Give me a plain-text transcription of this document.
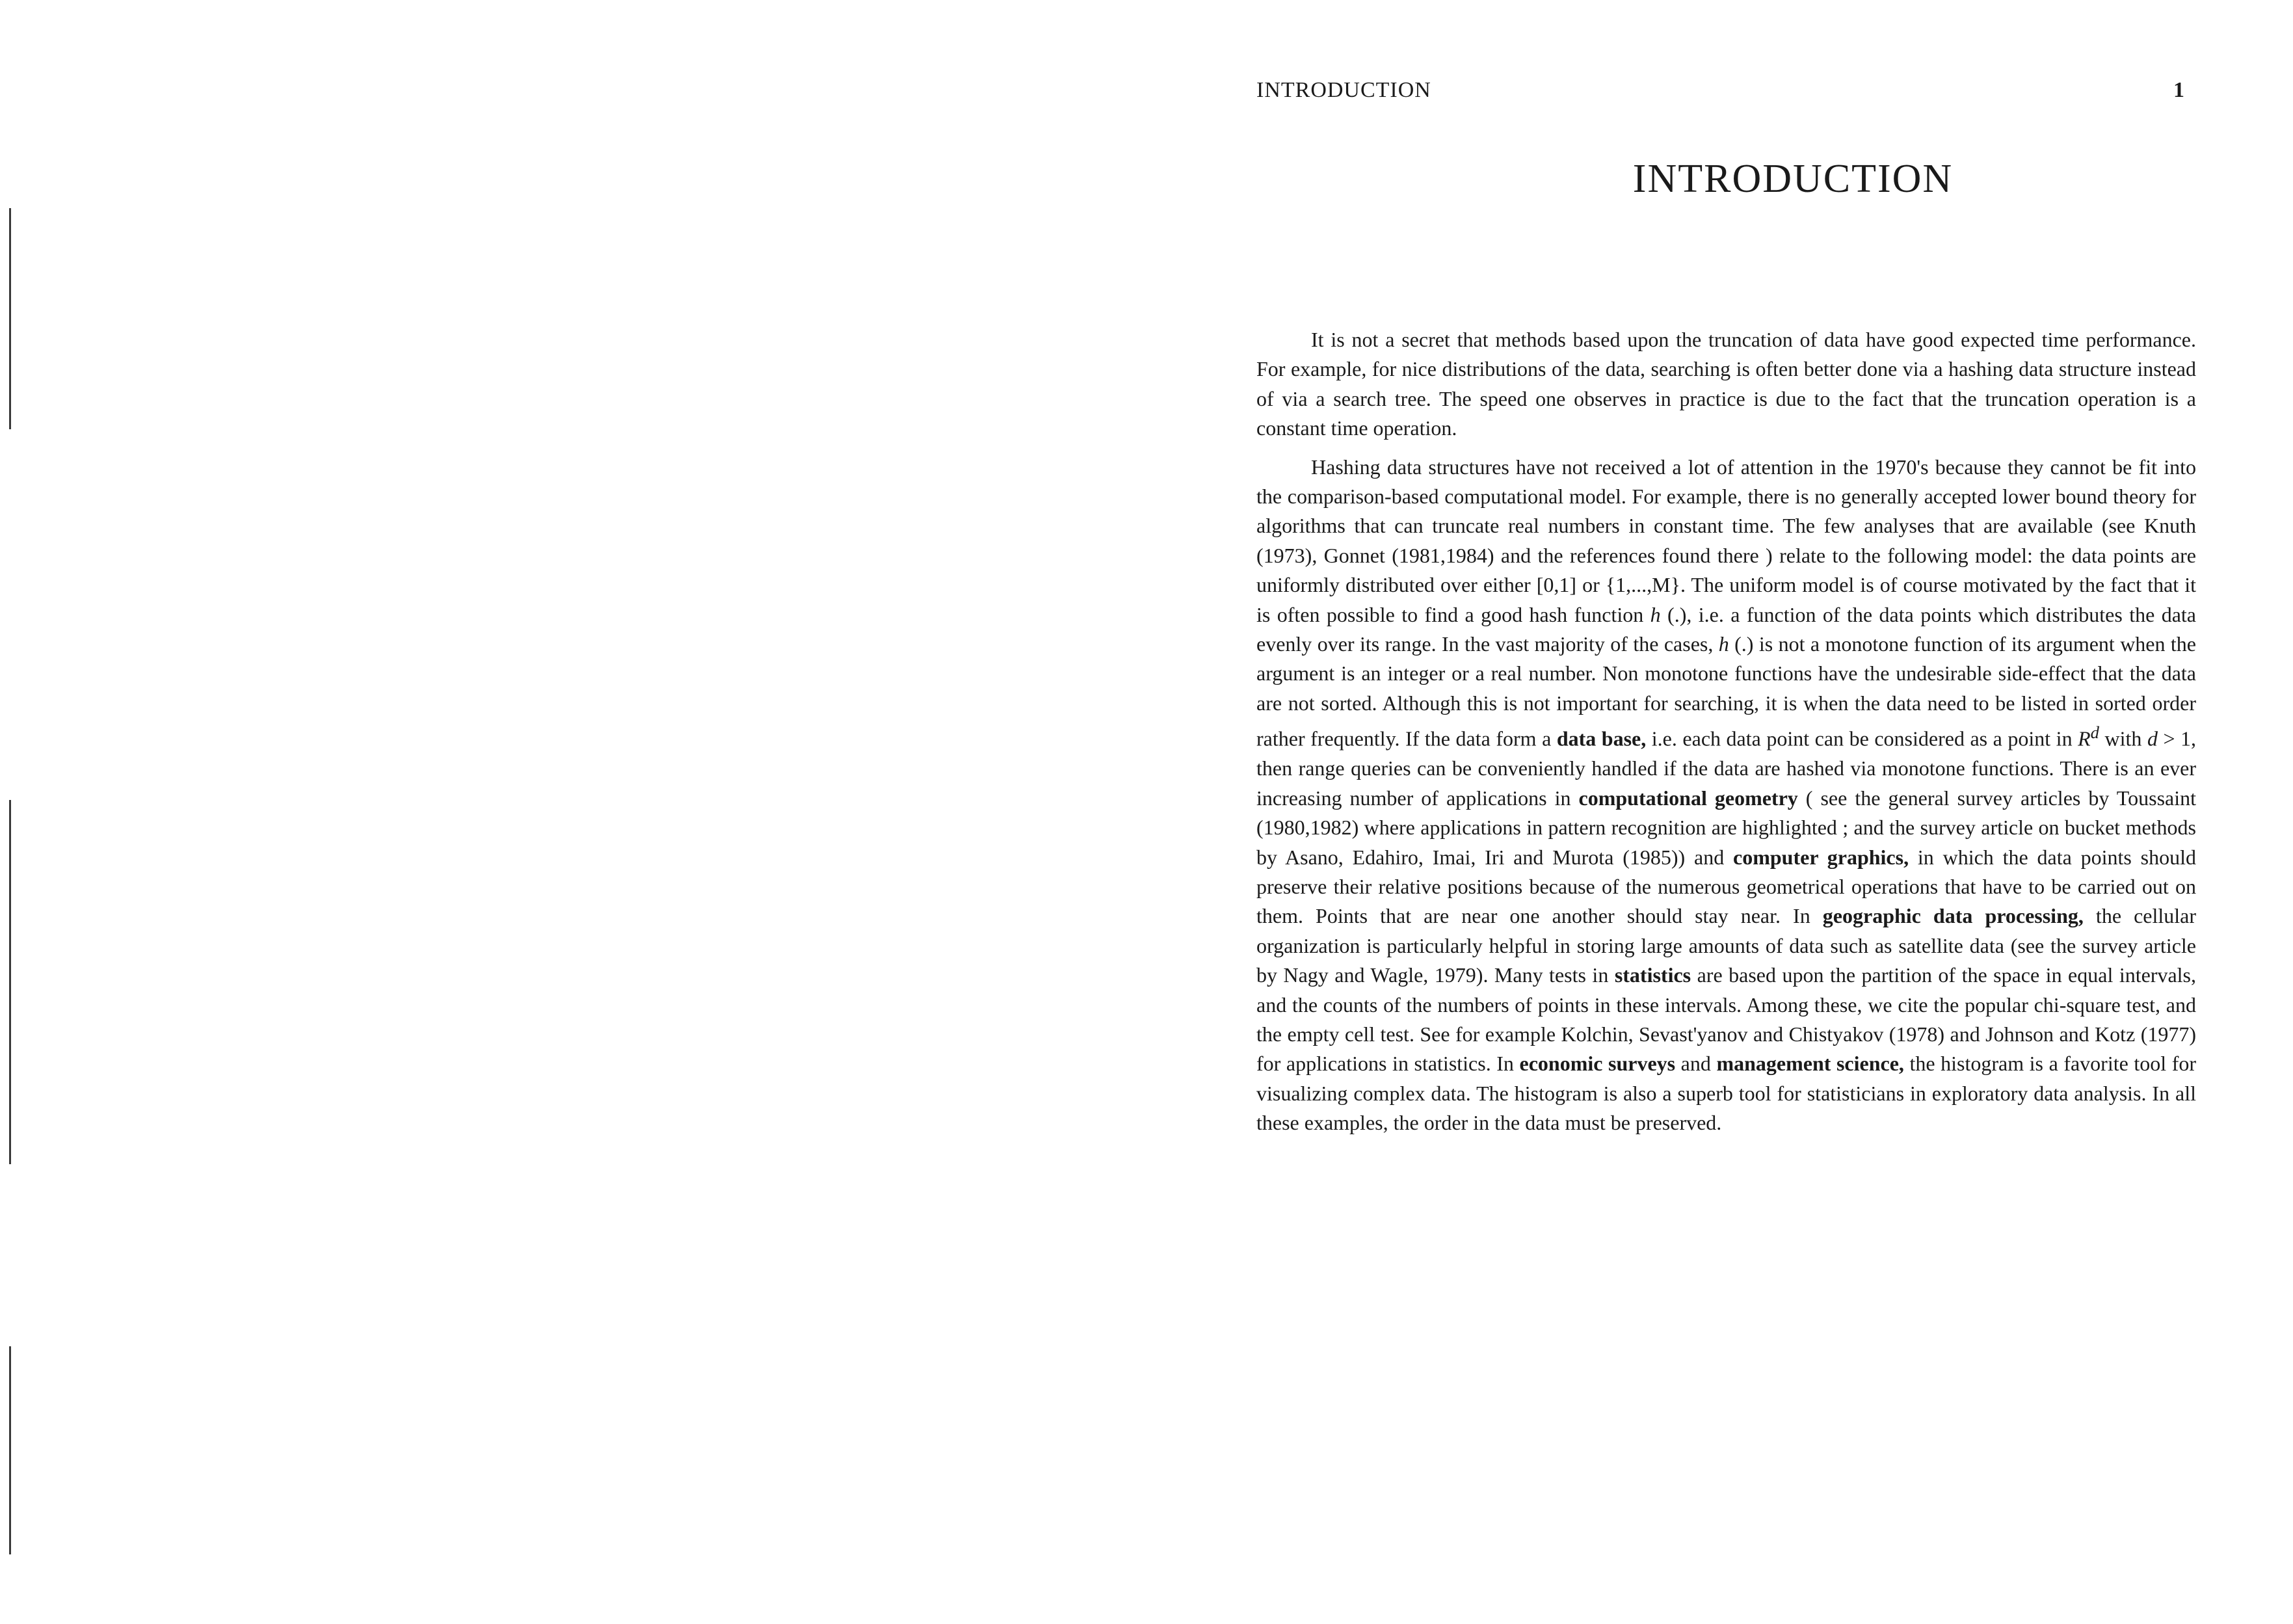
INTRODUCTION	1
INTRODUCTION

It is not a secret that methods based upon the truncation of data have good expected time performance. For example, for nice distributions of the data, searching is often better done via a hashing data structure instead of via a search tree. The speed one observes in practice is due to the fact that the truncation operation is a constant time operation.

Hashing data structures have not received a lot of attention in the 1970's because they cannot be fit into the comparison-based computational model. For example, there is no generally accepted lower bound theory for algorithms that can truncate real numbers in constant time. The few analyses that are available (see Knuth (1973), Gonnet (1981,1984) and the references found there ) relate to the following model: the data points are uniformly distributed over either [0,1] or {1,...,M}. The uniform model is of course motivated by the fact that it is often possible to find a good hash function h (.), i.e. a function of the data points which distributes the data evenly over its range. In the vast majority of the cases, h (.) is not a monotone function of its argument when the argument is an integer or a real number. Non monotone functions have the undesirable side-effect that the data are not sorted. Although this is not important for searching, it is when the data need to be listed in sorted order rather frequently. If the data form a data base, i.e. each data point can be considered as a point in $R^d$ with d > 1, then range queries can be conveniently handled if the data are hashed via monotone functions. There is an ever increasing number of applications in computational geometry ( see the general survey articles by Toussaint (1980,1982) where applications in pattern recognition are highlighted ; and the survey article on bucket methods by Asano, Edahiro, Imai, Iri and Murota (1985)) and computer graphics, in which the data points should preserve their relative positions because of the numerous geometrical operations that have to be carried out on them. Points that are near one another should stay near. In geographic data processing, the cellular organization is particularly helpful in storing large amounts of data such as satellite data (see the survey article by Nagy and Wagle, 1979). Many tests in statistics are based upon the partition of the space in equal intervals, and the counts of the numbers of points in these intervals. Among these, we cite the popular chi-square test, and the empty cell test. See for example Kolchin, Sevast'yanov and Chistyakov (1978) and Johnson and Kotz (1977) for applications in statistics. In economic surveys and management science, the histogram is a favorite tool for visualizing complex data. The histogram is also a superb tool for statisticians in exploratory data analysis. In all these examples, the order in the data must be preserved.
